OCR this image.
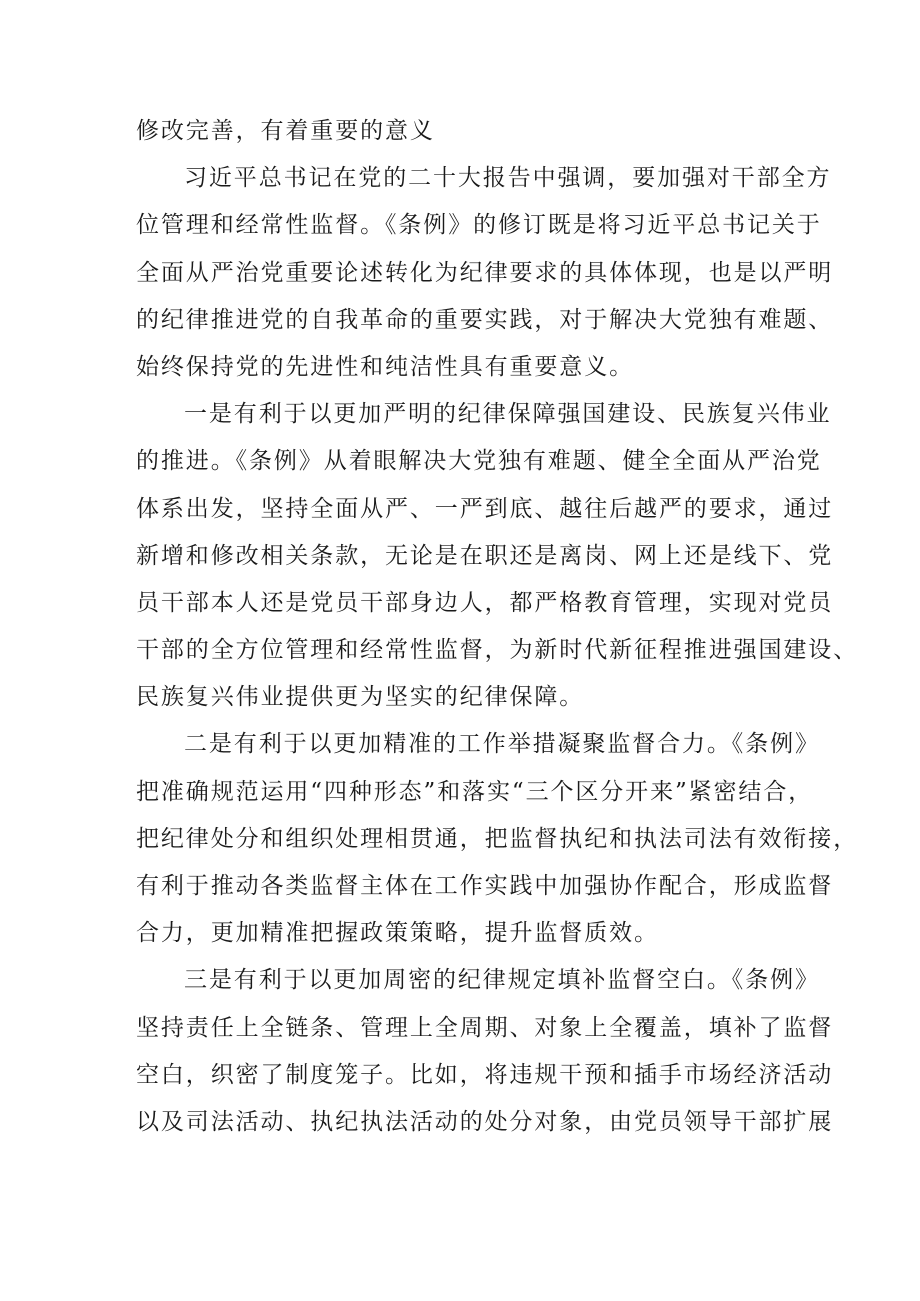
修改完善，有着重要的意义
习近平总书记在党的二十大报告中强调，要加强对干部全方
位管理和经常性监督。《条例》的修订既是将习近平总书记关于
全面从严治党重要论述转化为纪律要求的具体体现，也是以严明
的纪律推进党的自我革命的重要实践，对于解决大党独有难题、
始终保持党的先进性和纯洁性具有重要意义。
一是有利于以更加严明的纪律保障强国建设、民族复兴伟业
的推进。《条例》从着眼解决大党独有难题、健全全面从严治党
体系出发，坚持全面从严、一严到底、越往后越严的要求，通过
新增和修改相关条款，无论是在职还是离岗、网上还是线下、党
员干部本人还是党员干部身边人，都严格教育管理，实现对党员
干部的全方位管理和经常性监督，为新时代新征程推进强国建设、
民族复兴伟业提供更为坚实的纪律保障。
二是有利于以更加精准的工作举措凝聚监督合力。《条例》
把准确规范运用“四种形态”和落实“三个区分开来”紧密结合，
把纪律处分和组织处理相贯通，把监督执纪和执法司法有效衔接，
有利于推动各类监督主体在工作实践中加强协作配合，形成监督
合力，更加精准把握政策策略，提升监督质效。
三是有利于以更加周密的纪律规定填补监督空白。《条例》
坚持责任上全链条、管理上全周期、对象上全覆盖，填补了监督
空白，织密了制度笼子。比如，将违规干预和插手市场经济活动
以及司法活动、执纪执法活动的处分对象，由党员领导干部扩展
